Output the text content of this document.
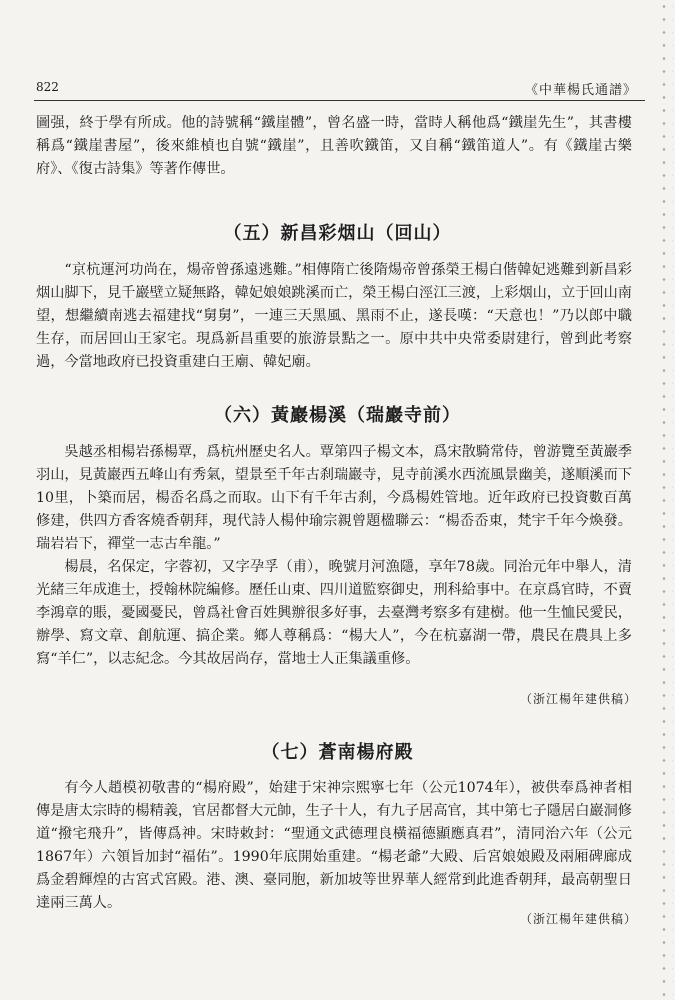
822	《中華楊氏通譜》

圖强，終于學有所成。他的詩號稱“鐵崖體”，曾名盛一時，當時人稱他爲“鐵崖先生”，其書樓稱爲“鐵崖書屋”，後來維楨也自號“鐵崖”，且善吹鐵笛，又自稱“鐵笛道人”。有《鐵崖古樂府》、《復古詩集》等著作傳世。

（五）新昌彩烟山（回山）

“京杭運河功尚在，煬帝曾孫遠逃難。”相傳隋亡後隋煬帝曾孫榮王楊白偕韓妃逃難到新昌彩烟山脚下，見千巖壁立疑無路，韓妃娘娘跳溪而亡，榮王楊白涇江三渡，上彩烟山，立于回山南望，想繼續南逃去福建找“舅舅”，一連三天黑風、黑雨不止，遂長嘆：“天意也！”乃以郎中職生存，而居回山王家宅。現爲新昌重要的旅游景點之一。原中共中央常委尉建行，曾到此考察過，今當地政府已投資重建白王廟、韓妃廟。

（六）黃巖楊溪（瑞巖寺前）

吳越丞相楊岩孫楊覃，爲杭州歷史名人。覃第四子楊文本，爲宋散騎常侍，曾游覽至黃巖季羽山，見黃巖西五峰山有秀氣，望景至千年古刹瑞巖寺，見寺前溪水西流風景幽美，遂順溪而下10里，卜築而居，楊岙名爲之而取。山下有千年古刹，今爲楊姓管地。近年政府已投資數百萬修建，供四方香客燒香朝拜，現代詩人楊仲瑜宗親曾題楹聯云：“楊岙岙東，梵宇千年今煥發。瑞岩岩下，禪堂一志古牟龍。”

楊晨，名保定，字蓉初，又字孕孚（甫），晚號月河漁隱，享年78歲。同治元年中舉人，清光緒三年成進士，授翰林院編修。歷任山東、四川道監察御史，刑科給事中。在京爲官時，不賣李鴻章的賬，憂國憂民，曾爲社會百姓興辦很多好事，去臺灣考察多有建樹。他一生恤民愛民，辦學、寫文章、創航運、搞企業。鄉人尊稱爲：“楊大人”，今在杭嘉湖一帶，農民在農具上多寫“羊仁”，以志紀念。今其故居尚存，當地士人正集議重修。

（浙江楊年建供稿）
（七）蒼南楊府殿

有今人趙模初敬書的“楊府殿”，始建于宋神宗熙寧七年（公元1074年），被供奉爲神者相傳是唐太宗時的楊精義，官居都督大元帥，生子十人，有九子居高官，其中第七子隱居白巖洞修道“撥宅飛升”，皆傳爲神。宋時敕封：“聖通文武德理良橫福德顯應真君”，清同治六年（公元1867年）六領旨加封“福佑”。1990年底開始重建。“楊老爺”大殿、后宮娘娘殿及兩厢碑廊成爲金碧輝煌的古宮式宮殿。港、澳、臺同胞，新加坡等世界華人經常到此進香朝拜，最高朝聖日達兩三萬人。

（浙江楊年建供稿）
